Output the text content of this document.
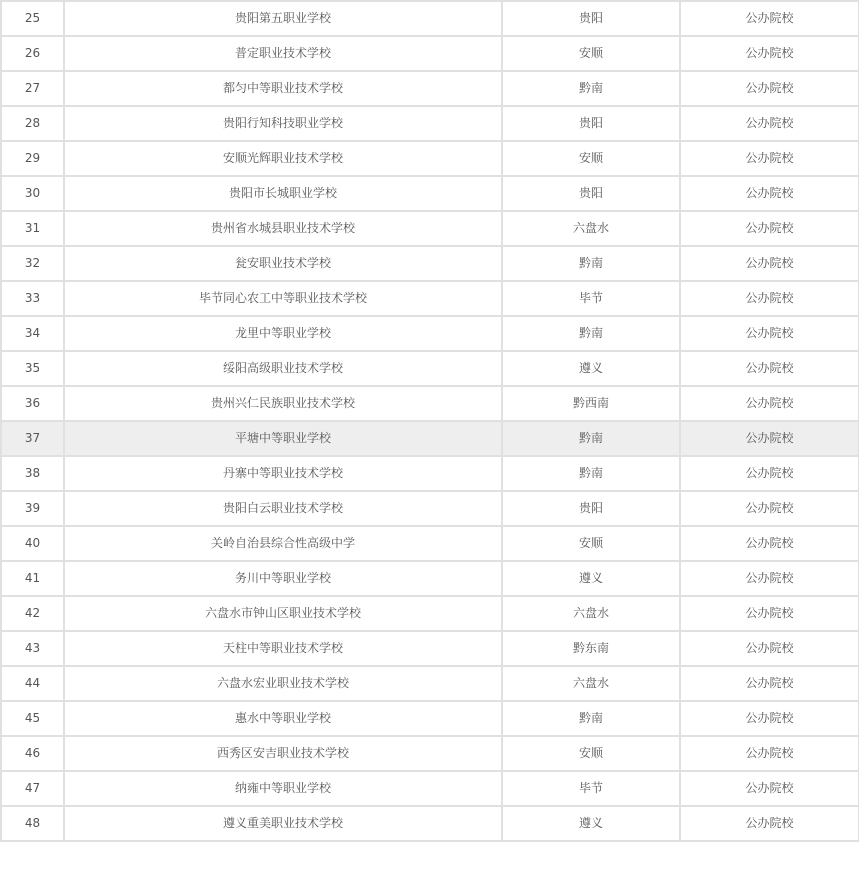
25	贵阳第五职业学校	贵阳	公办院校
26	普定职业技术学校	安顺	公办院校
27	都匀中等职业技术学校	黔南	公办院校
28	贵阳行知科技职业学校	贵阳	公办院校
29	安顺光辉职业技术学校	安顺	公办院校
30	贵阳市长城职业学校	贵阳	公办院校
31	贵州省水城县职业技术学校	六盘水	公办院校
32	瓮安职业技术学校	黔南	公办院校
33	毕节同心农工中等职业技术学校	毕节	公办院校
34	龙里中等职业学校	黔南	公办院校
35	绥阳高级职业技术学校	遵义	公办院校
36	贵州兴仁民族职业技术学校	黔西南	公办院校
37	平塘中等职业学校	黔南	公办院校
38	丹寨中等职业技术学校	黔南	公办院校
39	贵阳白云职业技术学校	贵阳	公办院校
40	关岭自治县综合性高级中学	安顺	公办院校
41	务川中等职业学校	遵义	公办院校
42	六盘水市钟山区职业技术学校	六盘水	公办院校
43	天柱中等职业技术学校	黔东南	公办院校
44	六盘水宏业职业技术学校	六盘水	公办院校
45	惠水中等职业学校	黔南	公办院校
46	西秀区安吉职业技术学校	安顺	公办院校
47	纳雍中等职业学校	毕节	公办院校
48	遵义重美职业技术学校	遵义	公办院校
